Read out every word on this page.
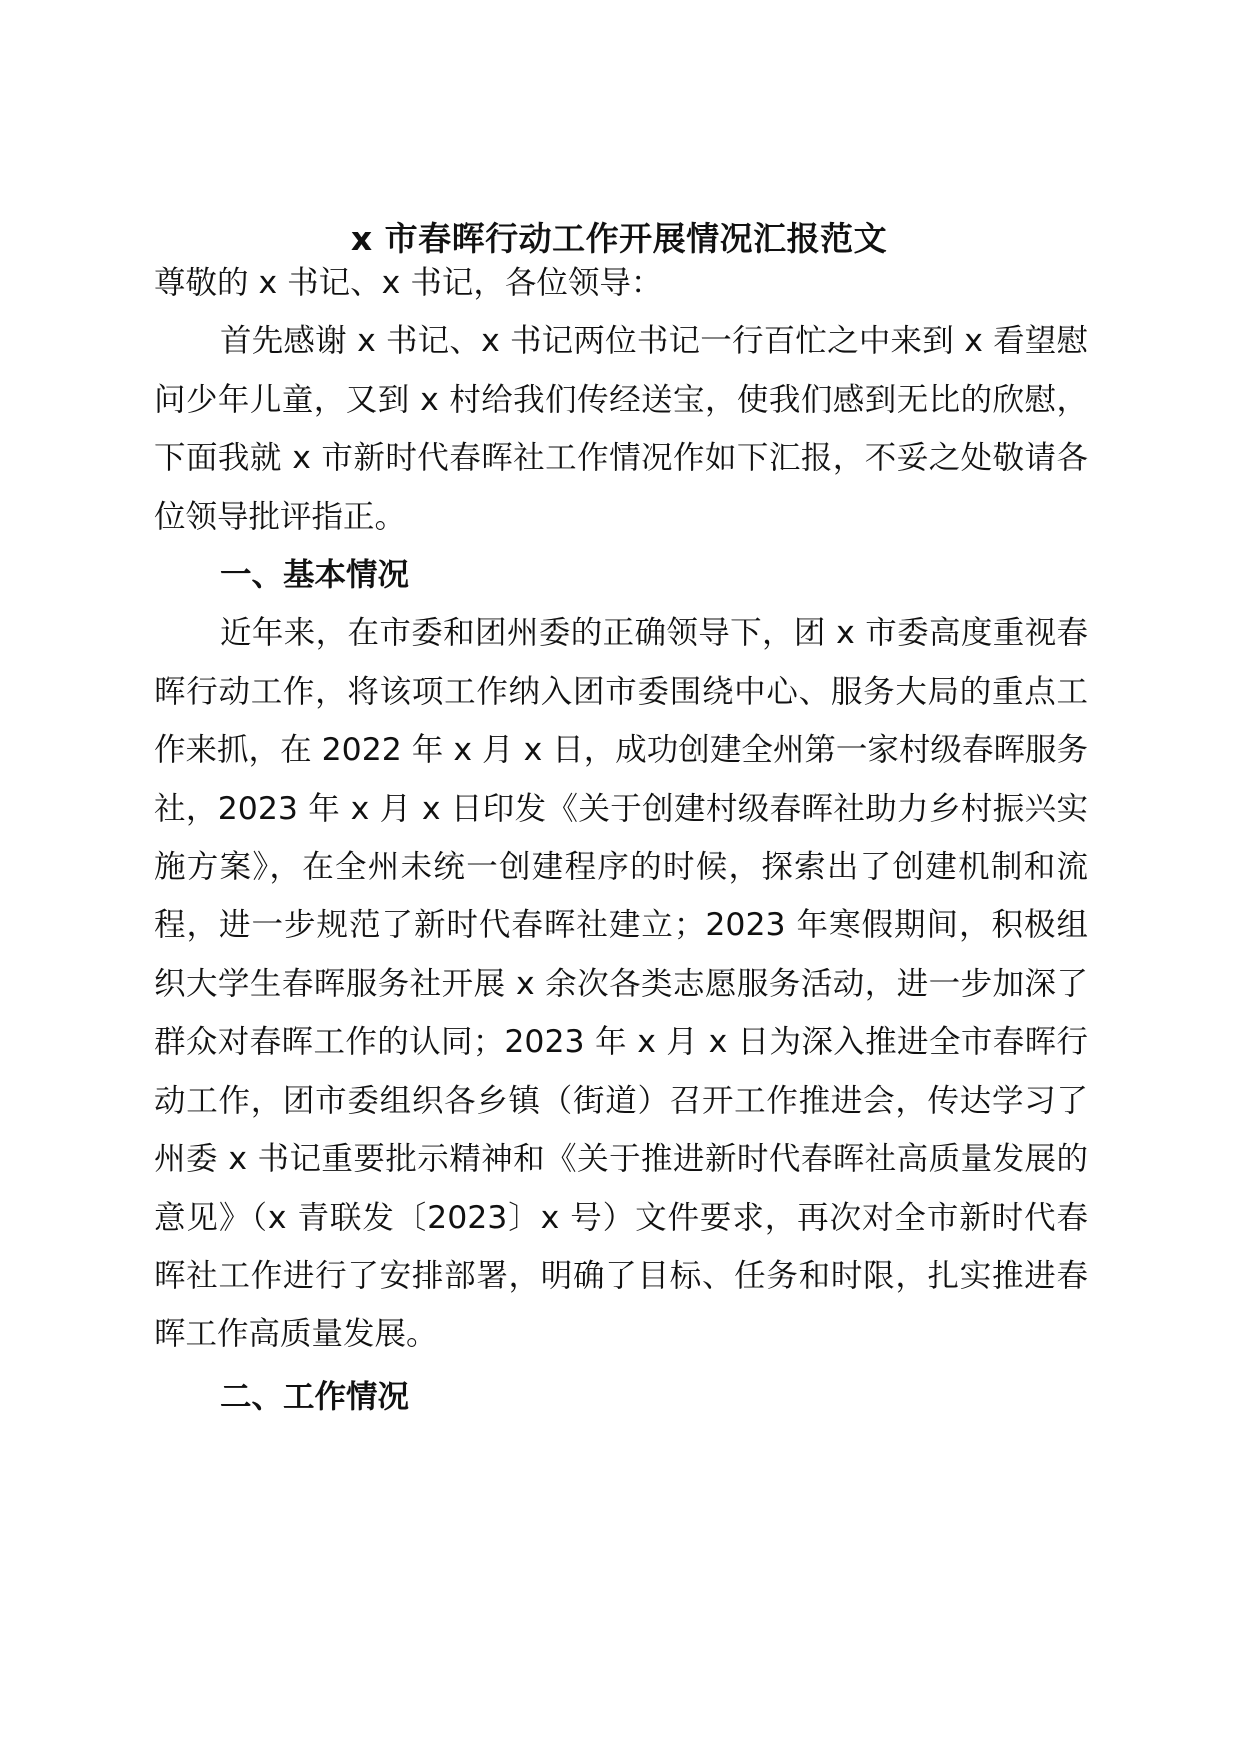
x 市春晖行动工作开展情况汇报范文

尊敬的 x 书记、x 书记，各位领导：

首先感谢 x 书记、x 书记两位书记一行百忙之中来到 x 看望慰问少年儿童，又到 x 村给我们传经送宝，使我们感到无比的欣慰，下面我就 x 市新时代春晖社工作情况作如下汇报，不妥之处敬请各位领导批评指正。

一、基本情况

近年来，在市委和团州委的正确领导下，团 x 市委高度重视春晖行动工作，将该项工作纳入团市委围绕中心、服务大局的重点工作来抓，在 2022 年 x 月 x 日，成功创建全州第一家村级春晖服务社，2023 年 x 月 x 日印发《关于创建村级春晖社助力乡村振兴实施方案》，在全州未统一创建程序的时候，探索出了创建机制和流程，进一步规范了新时代春晖社建立；2023 年寒假期间，积极组织大学生春晖服务社开展 x 余次各类志愿服务活动，进一步加深了群众对春晖工作的认同；2023 年 x 月 x 日为深入推进全市春晖行动工作，团市委组织各乡镇（街道）召开工作推进会，传达学习了州委 x 书记重要批示精神和《关于推进新时代春晖社高质量发展的意见》（x 青联发〔2023〕x 号）文件要求，再次对全市新时代春晖社工作进行了安排部署，明确了目标、任务和时限，扎实推进春晖工作高质量发展。

二、工作情况
